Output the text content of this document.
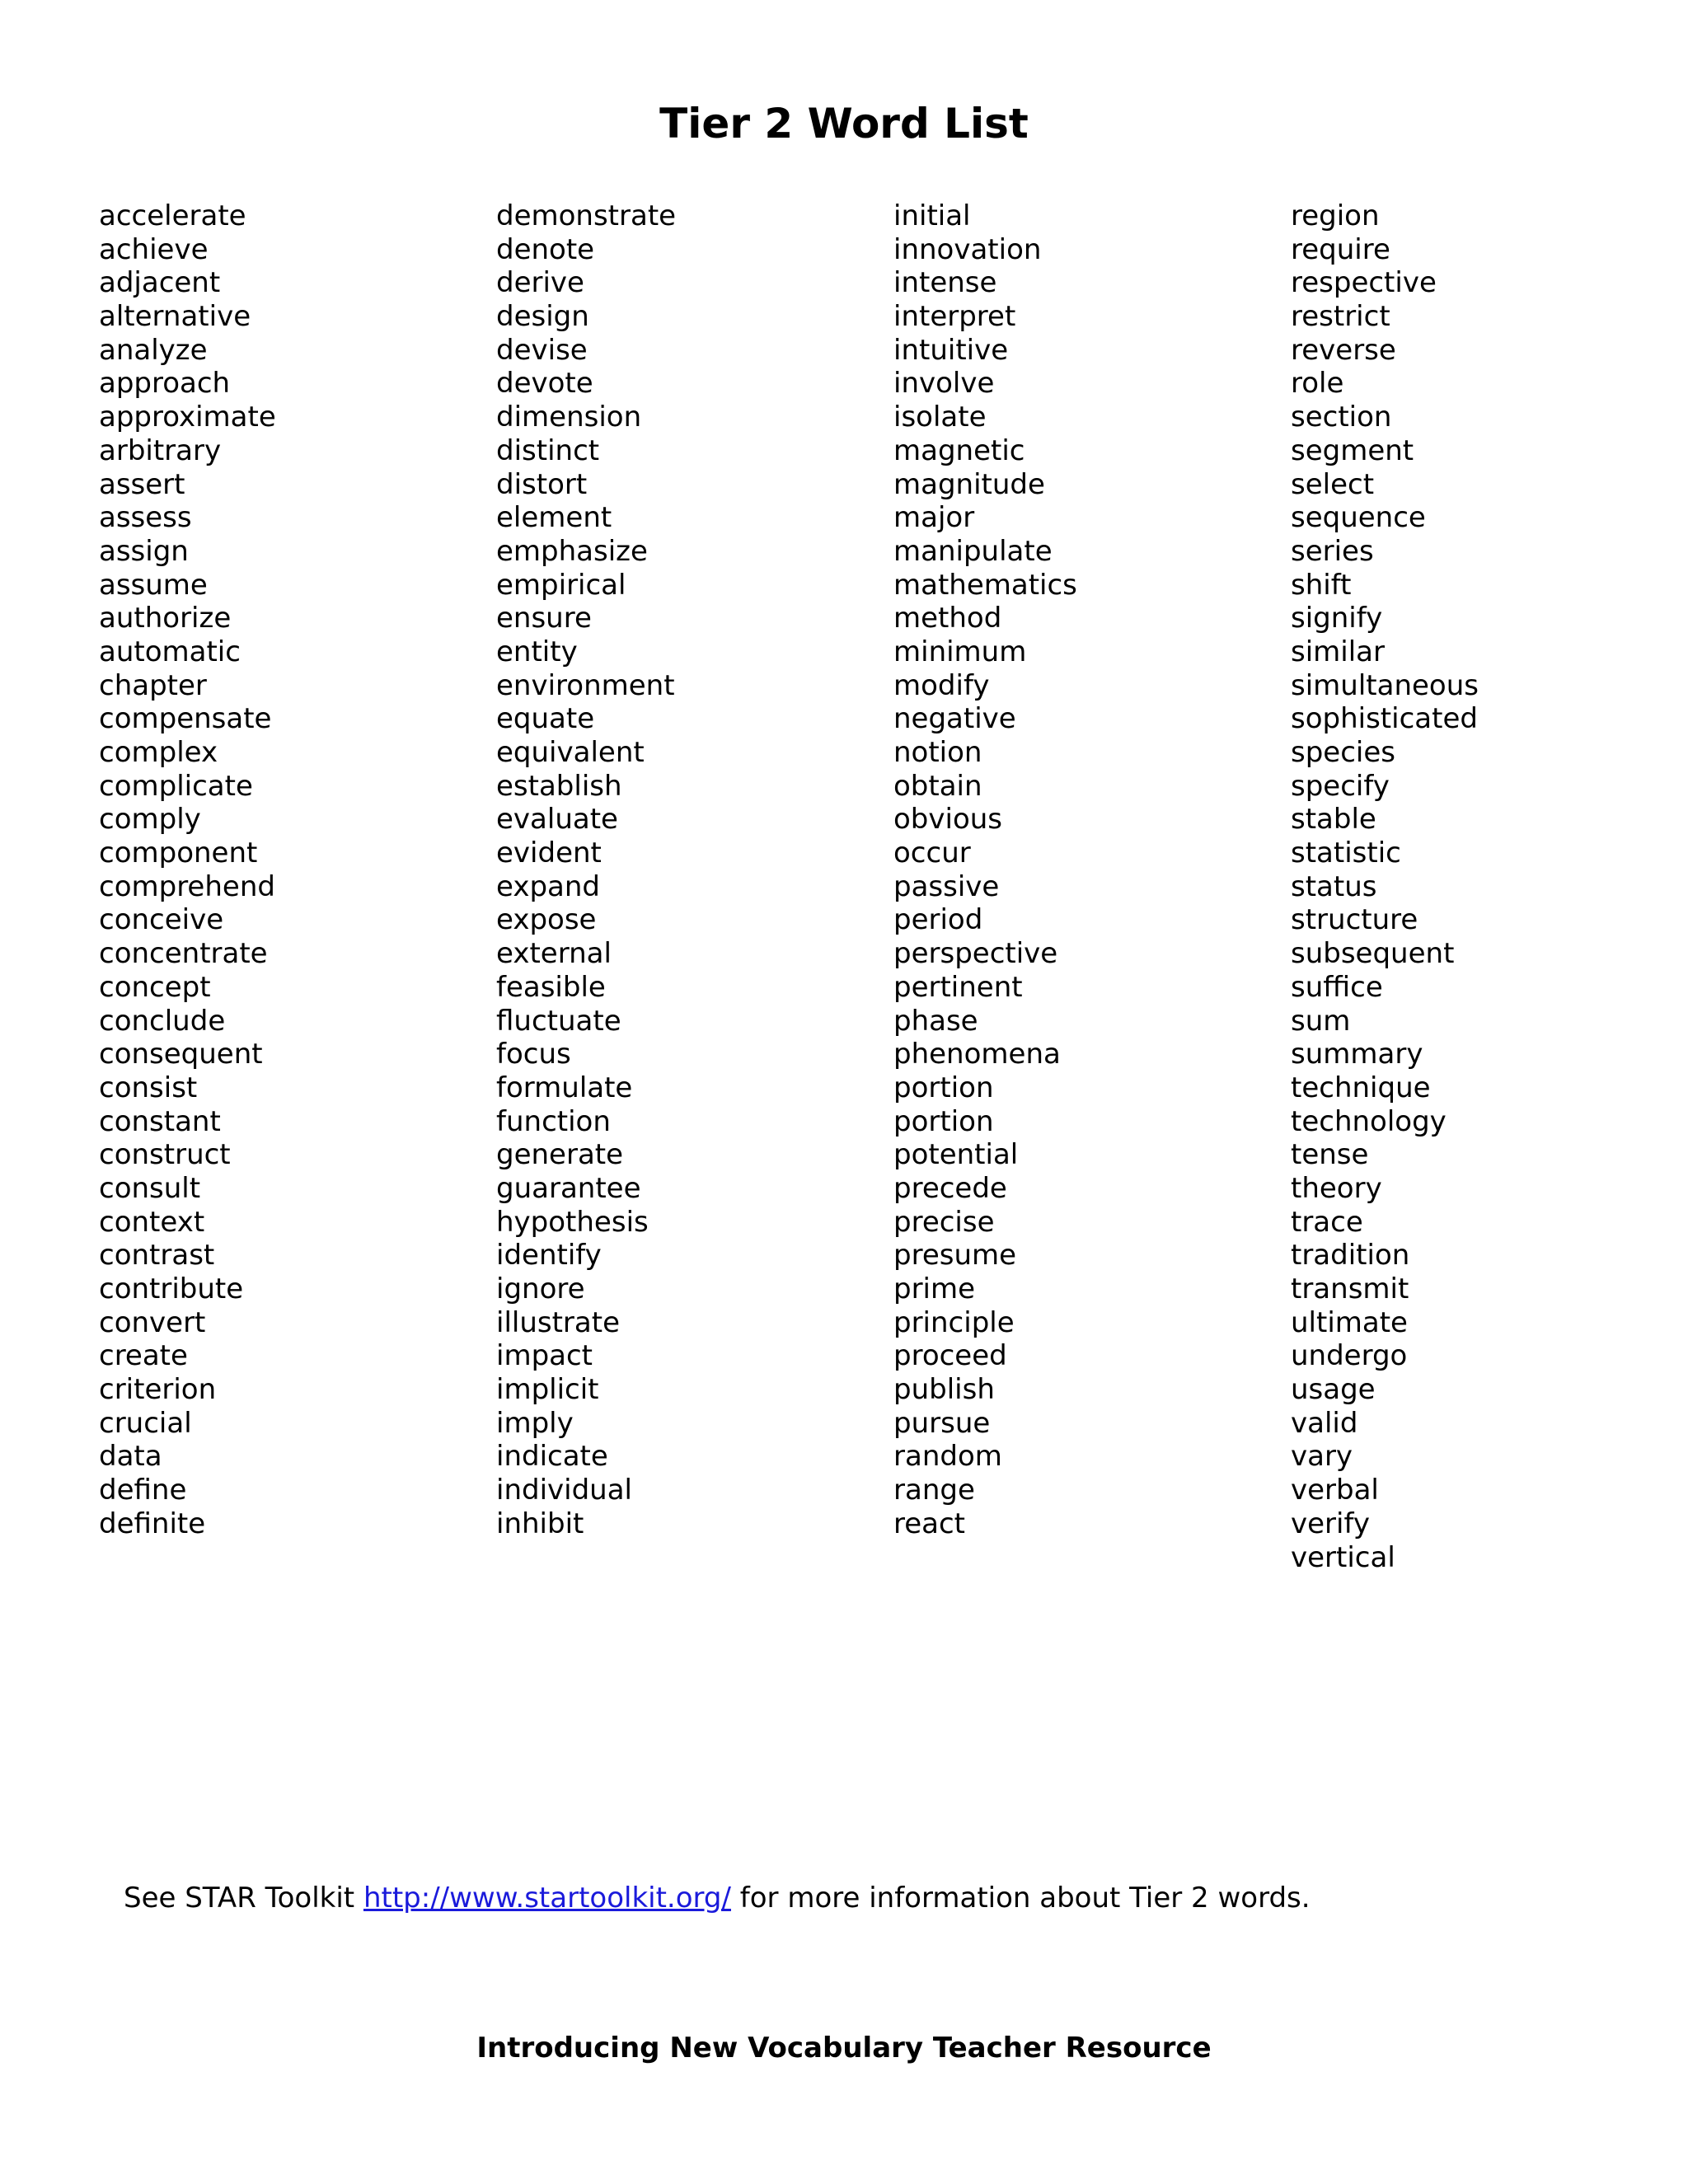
Tier 2 Word List
accelerate
achieve
adjacent
alternative
analyze
approach
approximate
arbitrary
assert
assess
assign
assume
authorize
automatic
chapter
compensate
complex
complicate
comply
component
comprehend
conceive
concentrate
concept
conclude
consequent
consist
constant
construct
consult
context
contrast
contribute
convert
create
criterion
crucial
data
define
definite
demonstrate
denote
derive
design
devise
devote
dimension
distinct
distort
element
emphasize
empirical
ensure
entity
environment
equate
equivalent
establish
evaluate
evident
expand
expose
external
feasible
fluctuate
focus
formulate
function
generate
guarantee
hypothesis
identify
ignore
illustrate
impact
implicit
imply
indicate
individual
inhibit
initial
innovation
intense
interpret
intuitive
involve
isolate
magnetic
magnitude
major
manipulate
mathematics
method
minimum
modify
negative
notion
obtain
obvious
occur
passive
period
perspective
pertinent
phase
phenomena
portion
portion
potential
precede
precise
presume
prime
principle
proceed
publish
pursue
random
range
react
region
require
respective
restrict
reverse
role
section
segment
select
sequence
series
shift
signify
similar
simultaneous
sophisticated
species
specify
stable
statistic
status
structure
subsequent
suffice
sum
summary
technique
technology
tense
theory
trace
tradition
transmit
ultimate
undergo
usage
valid
vary
verbal
verify
vertical

See STAR Toolkit http://www.startoolkit.org/ for more information about Tier 2 words.

Introducing New Vocabulary Teacher Resource
